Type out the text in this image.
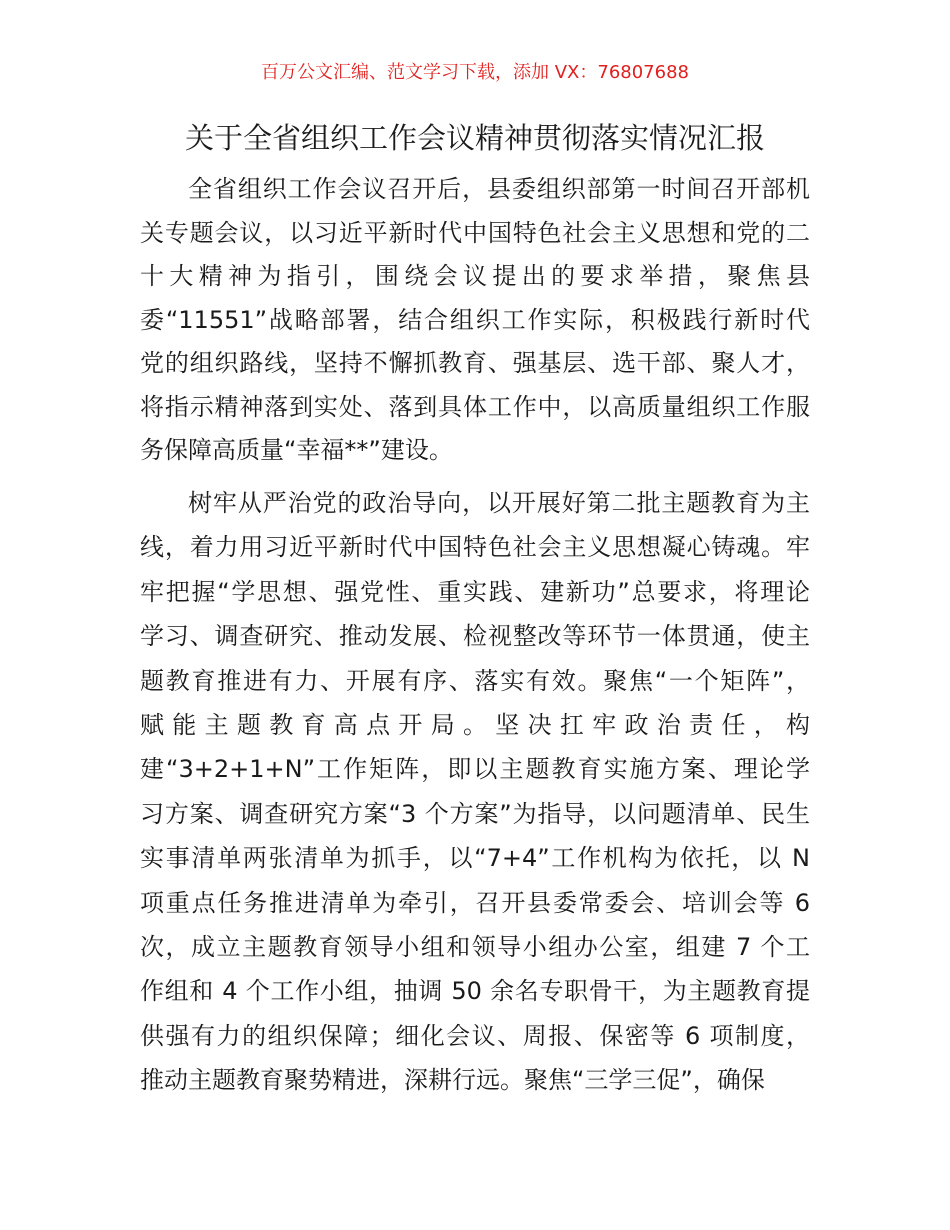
百万公文汇编、范文学习下载，添加 VX：76807688
关于全省组织工作会议精神贯彻落实情况汇报
全省组织工作会议召开后，县委组织部第一时间召开部机
关专题会议，以习近平新时代中国特色社会主义思想和党的二
十大精神为指引，围绕会议提出的要求举措，聚焦县
委“11551”战略部署，结合组织工作实际，积极践行新时代
党的组织路线，坚持不懈抓教育、强基层、选干部、聚人才，
将指示精神落到实处、落到具体工作中，以高质量组织工作服
务保障高质量“幸福**”建设。
树牢从严治党的政治导向，以开展好第二批主题教育为主
线，着力用习近平新时代中国特色社会主义思想凝心铸魂。牢
牢把握“学思想、强党性、重实践、建新功”总要求，将理论
学习、调查研究、推动发展、检视整改等环节一体贯通，使主
题教育推进有力、开展有序、落实有效。聚焦“一个矩阵”，
赋能主题教育高点开局。坚决扛牢政治责任，构
建“3+2+1+N”工作矩阵，即以主题教育实施方案、理论学
习方案、调查研究方案“3 个方案”为指导，以问题清单、民生
实事清单两张清单为抓手，以“7+4”工作机构为依托，以 N
项重点任务推进清单为牵引，召开县委常委会、培训会等 6
次，成立主题教育领导小组和领导小组办公室，组建 7 个工
作组和 4 个工作小组，抽调 50 余名专职骨干，为主题教育提
供强有力的组织保障；细化会议、周报、保密等 6 项制度，
推动主题教育聚势精进，深耕行远。聚焦“三学三促”，确保
